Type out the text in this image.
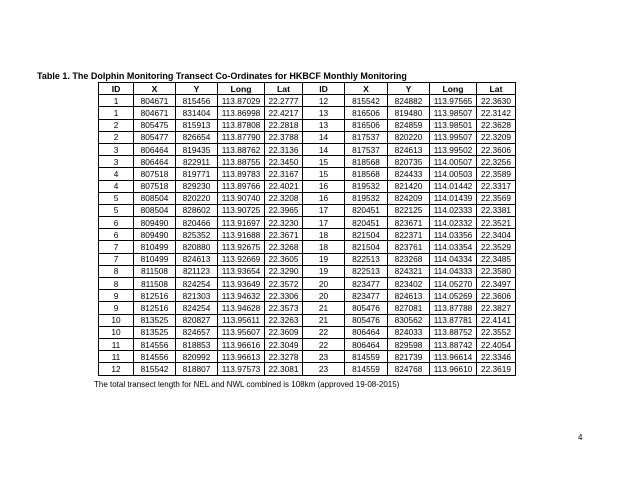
Table 1. The Dolphin Monitoring Transect Co-Ordinates for HKBCF Monthly Monitoring
ID	X	Y	Long	Lat	ID	X	Y	Long	Lat
1	804671	815456	113.87029	22.2777	12	815542	824882	113.97565	22.3630
1	804671	831404	113.86998	22.4217	13	816506	819480	113.98507	22.3142
2	805475	815913	113.87808	22.2818	13	816506	824859	113.98501	22.3628
2	805477	826654	113.87790	22.3788	14	817537	820220	113.99507	22.3209
3	806464	819435	113.88762	22.3136	14	817537	824613	113.99502	22.3606
3	806464	822911	113.88755	22.3450	15	818568	820735	114.00507	22.3256
4	807518	819771	113.89783	22.3167	15	818568	824433	114.00503	22.3589
4	807518	829230	113.89766	22.4021	16	819532	821420	114.01442	22.3317
5	808504	820220	113.90740	22.3208	16	819532	824209	114.01439	22.3569
5	808504	828602	113.90725	22.3965	17	820451	822125	114.02333	22.3381
6	809490	820466	113.91697	22.3230	17	820451	823671	114.02332	22.3521
6	809490	825352	113.91688	22.3671	18	821504	822371	114.03356	22.3404
7	810499	820880	113.92675	22.3268	18	821504	823761	114.03354	22.3529
7	810499	824613	113.92669	22.3605	19	822513	823268	114.04334	22.3485
8	811508	821123	113.93654	22.3290	19	822513	824321	114.04333	22.3580
8	811508	824254	113.93649	22.3572	20	823477	823402	114.05270	22.3497
9	812516	821303	113.94632	22.3306	20	823477	824613	114.05269	22.3606
9	812516	824254	113.94628	22.3573	21	805476	827081	113.87788	22.3827
10	813525	820827	113.95611	22.3263	21	805476	830562	113.87781	22.4141
10	813525	824657	113.95607	22.3609	22	806464	824033	113.88752	22.3552
11	814556	818853	113.96616	22.3049	22	806464	829598	113.88742	22.4054
11	814556	820992	113.96613	22.3278	23	814559	821739	113.96614	22.3346
12	815542	818807	113.97573	22.3081	23	814559	824768	113.96610	22.3619
The total transect length for NEL and NWL combined is 108km (approved 19-08-2015)
4
